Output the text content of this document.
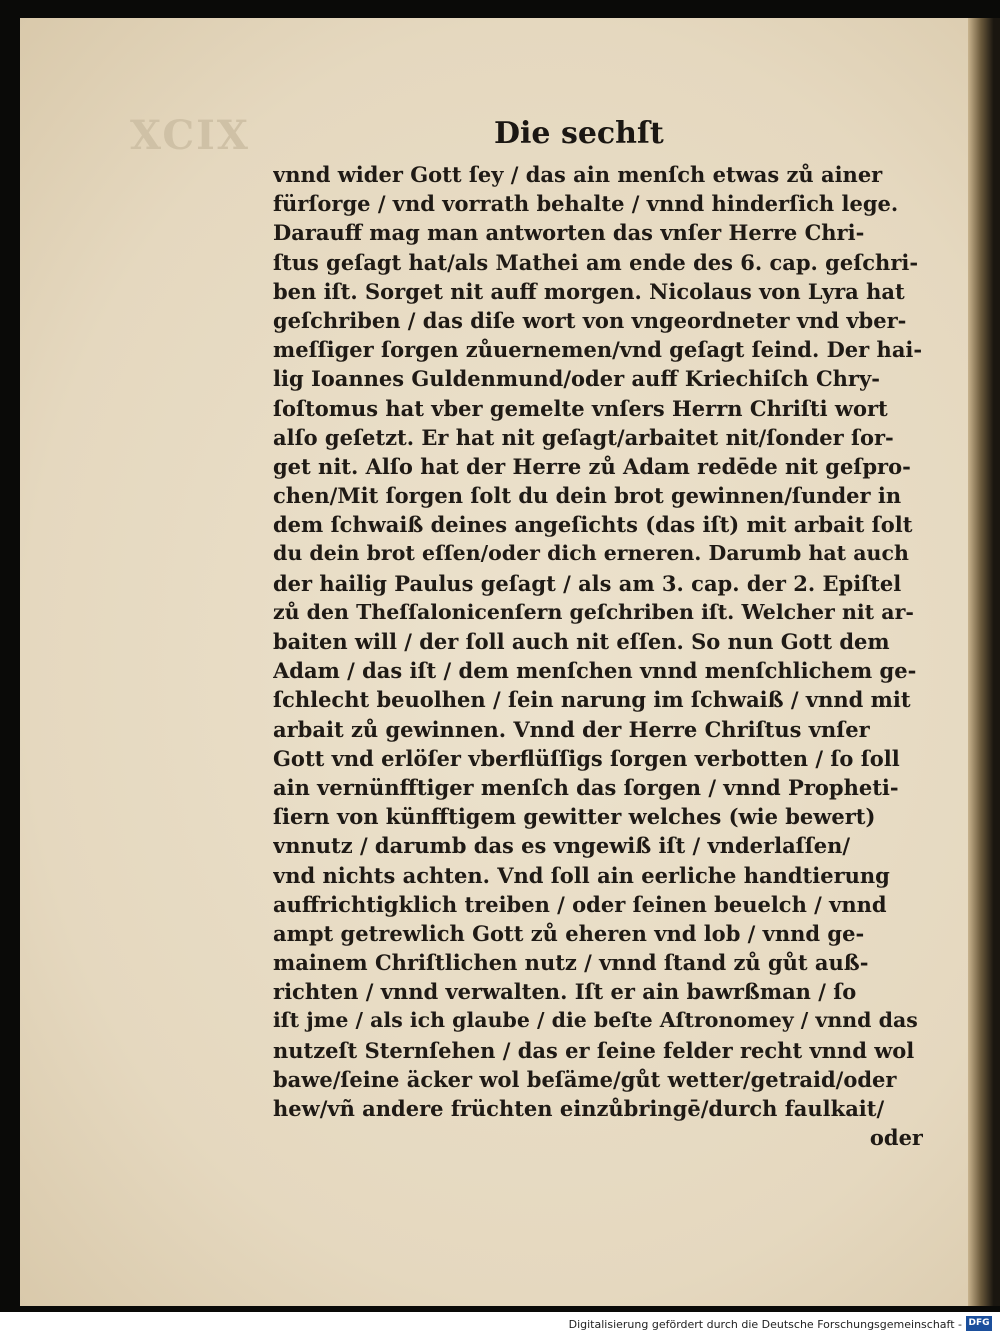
XCIX	Die sechſt
vnnd wider Gott ſey / das ain menſch etwas zů ainer
fürſorge / vnd vorrath behalte / vnnd hinderſich lege.
Darauff mag man antworten das vnſer Herre Chri-
ſtus geſagt hat/als Mathei am ende des 6. cap. geſchri-
ben iſt. Sorget nit auff morgen. Nicolaus von Lyra hat
geſchriben / das diſe wort von vngeordneter vnd vber-
meſſiger ſorgen zůuernemen/vnd geſagt ſeind. Der hai-
lig Ioannes Guldenmund/oder auff Kriechiſch Chry-
ſoſtomus hat vber gemelte vnſers Herrn Chriſti wort
alſo geſetzt. Er hat nit geſagt/arbaitet nit/ſonder ſor-
get nit. Alſo hat der Herre zů Adam redēde nit geſpro-
chen/Mit ſorgen ſolt du dein brot gewinnen/ſunder in
dem ſchwaiß deines angeſichts (das iſt) mit arbait ſolt
du dein brot eſſen/oder dich erneren. Darumb hat auch
der hailig Paulus geſagt / als am 3. cap. der 2. Epiſtel
zů den Theſſalonicenſern geſchriben iſt. Welcher nit ar-
baiten will / der ſoll auch nit eſſen. So nun Gott dem
Adam / das iſt / dem menſchen vnnd menſchlichem ge-
ſchlecht beuolhen / ſein narung im ſchwaiß / vnnd mit
arbait zů gewinnen. Vnnd der Herre Chriſtus vnſer
Gott vnd erlöſer vberflüſſigs ſorgen verbotten / ſo ſoll
ain vernünfftiger menſch das ſorgen / vnnd Propheti-
ſiern von künfftigem gewitter welches (wie bewert)
vnnutz / darumb das es vngewiß iſt / vnderlaſſen/
vnd nichts achten. Vnd ſoll ain eerliche handtierung
auffrichtigklich treiben / oder ſeinen beuelch / vnnd
ampt getrewlich Gott zů eheren vnd lob / vnnd ge-
mainem Chriſtlichen nutz / vnnd ſtand zů gůt auß-
richten / vnnd verwalten. Iſt er ain bawrßman / ſo
iſt jme / als ich glaube / die beſte Aſtronomey / vnnd das
nutzeſt Sternſehen / das er ſeine felder recht vnnd wol
bawe/ſeine äcker wol beſäme/gůt wetter/getraid/oder
hew/vñ andere früchten einzůbringē/durch faulkait/
oder
Digitalisierung gefördert durch die Deutsche Forschungsgemeinschaft - DFG
